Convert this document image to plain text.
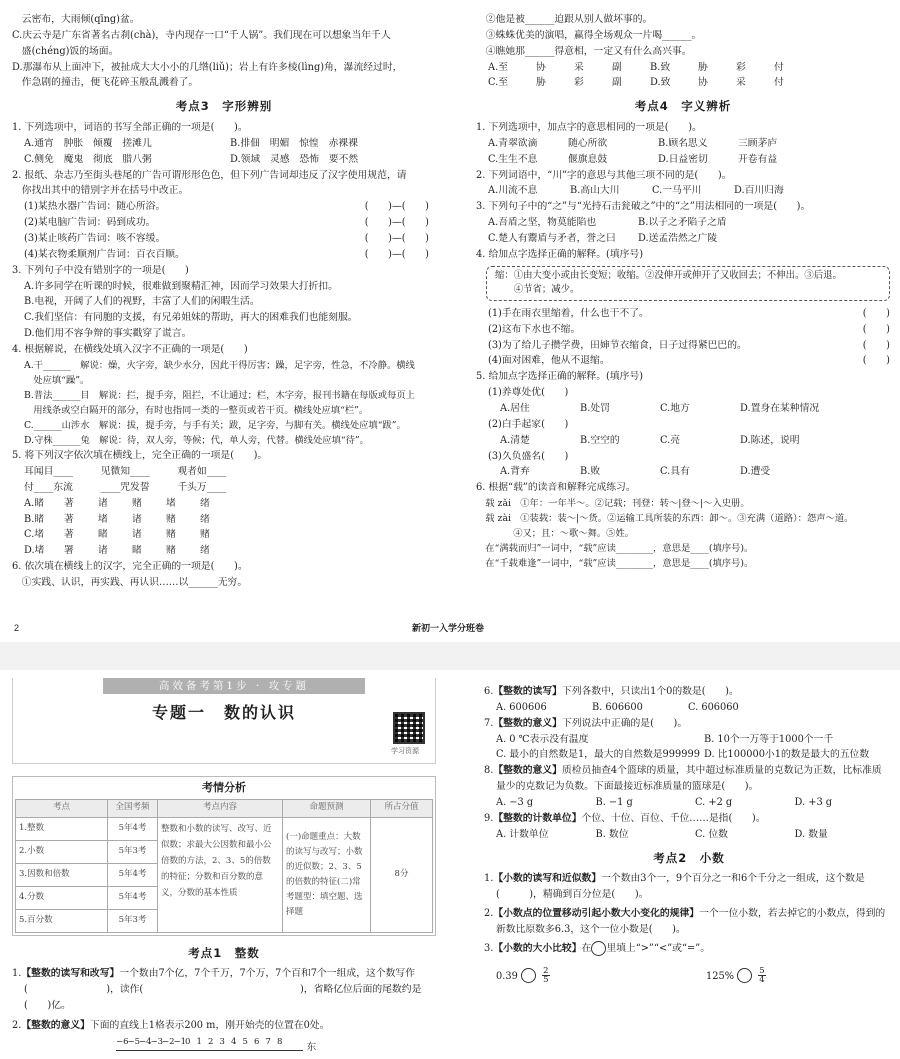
　云密布，大雨倾(qīng)盆。
C.庆云寺是广东省著名古刹(chà)，寺内现存一口“千人锅”。我们现在可以想象当年千人
　盛(chéng)饭的场面。
D.那瀑布从上面冲下，被扯成大大小小的几绺(liǔ)；岩上有许多棱(lìng)角，瀑流经过时，
　作急剧的撞击，便飞花碎玉般乱溅着了。
考点3　字形辨别
1. 下列选项中，词语的书写全部正确的一项是(　　)。
A.通宵　肿胀　倾覆　搓滩儿	B.排佃　明媚　惊惶　赤裸裸
C.侧免　魔鬼　彻底　腊八粥	D.领域　灵感　恐怖　要不然
2. 报纸、杂志乃至街头巷尾的广告可谓形形色色，但下列广告词却违反了汉字使用规范，请
　你找出其中的错别字并在括号中改正。
(1)某热水器广告词：随心所浴。	(　　)—(　　)
(2)某电脑广告词：码到成功。	(　　)—(　　)
(3)某止咳药广告词：咳不容缓。	(　　)—(　　)
(4)某衣物柔顺剂广告词：百衣百顺。	(　　)—(　　)
3. 下列句子中没有错别字的一项是(　　)
A.许多同学在听课的时候，很难做到聚精汇神，因而学习效果大打折扣。
B.电视，开阔了人们的视野，丰富了人们的闲暇生活。
C.我们坚信：有同胞的支援，有兄弟姐妹的帮助，再大的困难我们也能刻服。
D.他们用不容争辩的事实戳穿了谎言。
4. 根据解说，在横线处填入汉字不正确的一项是(　　)
A.干______　解说：燥，火字旁，缺少水分，因此干得厉害；躁，足字旁，性急，不冷静。横线
　处应填“躁”。
B.普法______目　解说：拦，提手旁，阻拦，不让通过；栏，木字旁，报刊书籍在每版或每页上
　用线条或空白隔开的部分，有时也指同一类的一整页或若干页。横线处应填“栏”。
C.______山涉水　解说：拔，提手旁，与手有关；跋，足字旁，与脚有关。横线处应填“跋”。
D.守株______兔　解说：待，双人旁，等候；代，单人旁，代替。横线处应填“待”。
5. 将下列汉字依次填在横线上，完全正确的一项是(　　)。
耳闻目____	见微知____	观者如____
付____东流	____咒发誓	千头万____
A.睹	著	诸	赌	堵	绪
B.睹	著	堵	诸	赌	绪
C.堵	著	睹	诸	赌	赌
D.堵	署	诸	睹	赌	绪
6. 依次填在横线上的汉字，完全正确的一项是(　　)。
　①实践、认识，再实践、再认识……以______无穷。
　②他是被______迫跟从别人做坏事的。
　③蛛蛛优美的演唱，赢得全场观众一片喝______。
　④瞧她那______得意相，一定又有什么高兴事。
A.至	协	采	副	B.致	胁	彩	付
C.至	胁	彩	副	D.致	协	采	付
考点4　字义辨析
1. 下列选项中，加点字的意思相同的一项是(　　)。
A.青翠欲滴	随心所欲	B.顾名思义	三顾茅庐
C.生生不息	偃旗息鼓	D.日益密切	开卷有益
2. 下列词语中，“川”字的意思与其他三项不同的是(　　)。
A.川流不息	B.高山大川	C.一马平川	D.百川归海
3. 下列句子中的“之”与“光持石击瓮破之”中的“之”用法相同的一项是(　　)。
A.吾盾之坚，物莫能陷也	B.以子之矛陷子之盾
C.楚人有鬻盾与矛者，誉之曰	D.送孟浩然之广陵
4. 给加点字选择正确的解释。(填序号)
缩：①由大变小或由长变短；收缩。②没伸开或伸开了又收回去；不伸出。③后退。
　　④节省；减少。
(1)手在雨衣里缩着，什么也干不了。	(　　)
(2)这布下水也不缩。	(　　)
(3)为了给儿子攒学费，田婶节衣缩食，日子过得紧巴巴的。	(　　)
(4)面对困难，他从不退缩。	(　　)
5. 给加点字选择正确的解释。(填序号)
(1)养尊处优(　　)
A.居住	B.处罚	C.地方	D.置身在某种情况
(2)白手起家(　　)
A.清楚	B.空空的	C.亮	D.陈述，说明
(3)久负盛名(　　)
A.背弃	B.败	C.具有	D.遭受
6. 根据“载”的读音和解释完成练习。
　载 zǎi　①年：一年半～。②记载；刊登：转～|登～|～入史册。
　载 zài　①装载：装～|～货。②运输工具所装的东西：卸～。③充满（道路）：怨声～道。
　　　　④又；且：～歌～舞。⑤姓。
　在“满载而归”一词中，“载”应读________，意思是____(填序号)。
　在“千载难逢”一词中，“载”应读________，意思是____(填序号)。
2	新初一入学分班卷
高效备考第1步 · 攻专题
专题一　数的认识
学习资源
考情分析
考点	全国考频	考点内容	命题预测	所占分值
1.整数	5年4考	整数和小数的读写、改写、近似数；求最大公因数和最小公倍数的方法，2、3、5的倍数的特征；分数和百分数的意义，分数的基本性质	(一)命题重点：大数的读写与改写；小数的近似数；2、3、5的倍数的特征(二)常考题型：填空题、选择题	8分
2.小数	5年3考			
3.因数和倍数	5年4考			
4.分数	5年4考			
5.百分数	5年3考			
考点1　整数
1.【整数的读写和改写】一个数由7个亿，7个千万，7个万，7个百和7个一组成，这个数写作
(　　　　　　　　)，读作(　　　　　　　　　　　　　　　　)，省略亿位后面的尾数约是
(　　)亿。
2.【整数的意义】下面的直线上1格表示200 m，刚开始壳的位置在0处。
−6
−5
−4
−3
−2
−1
0 1 2 3 4 5 6 7 8 东
6.【整数的读写】下列各数中，只读出1个0的数是(　　)。
A. 600606	B. 606600	C. 606060
7.【整数的意义】下列说法中正确的是(　　)。
A. 0 ℃表示没有温度	B. 10个一万等于1000个一千
C. 最小的自然数是1，最大的自然数是999999 D. 比100000小1的数是最大的五位数
8.【整数的意义】质检员抽查4个篮球的质量，其中超过标准质量的克数记为正数，比标准质
量少的克数记为负数。下面最接近标准质量的篮球是(　　)。
A. −3 g	B. −1 g	C. +2 g	D. +3 g
9.【整数的计数单位】个位、十位、百位、千位……是指(　　)。
A. 计数单位	B. 数位	C. 位数	D. 数量
考点2　小数
1.【小数的读写和近似数】一个数由3个一，9个百分之一和6个千分之一组成，这个数是
(　　　)，精确到百分位是(　　)。
2.【小数点的位置移动引起小数大小变化的规律】一个一位小数，若去掉它的小数点，得到的
新数比原数多6.3，这个一位小数是(　　)。
3.【小数的大小比较】在 里填上“>”“<”或“=”。
0.39	$\frac{2}{5}$	125%	$\frac{5}{4}$
